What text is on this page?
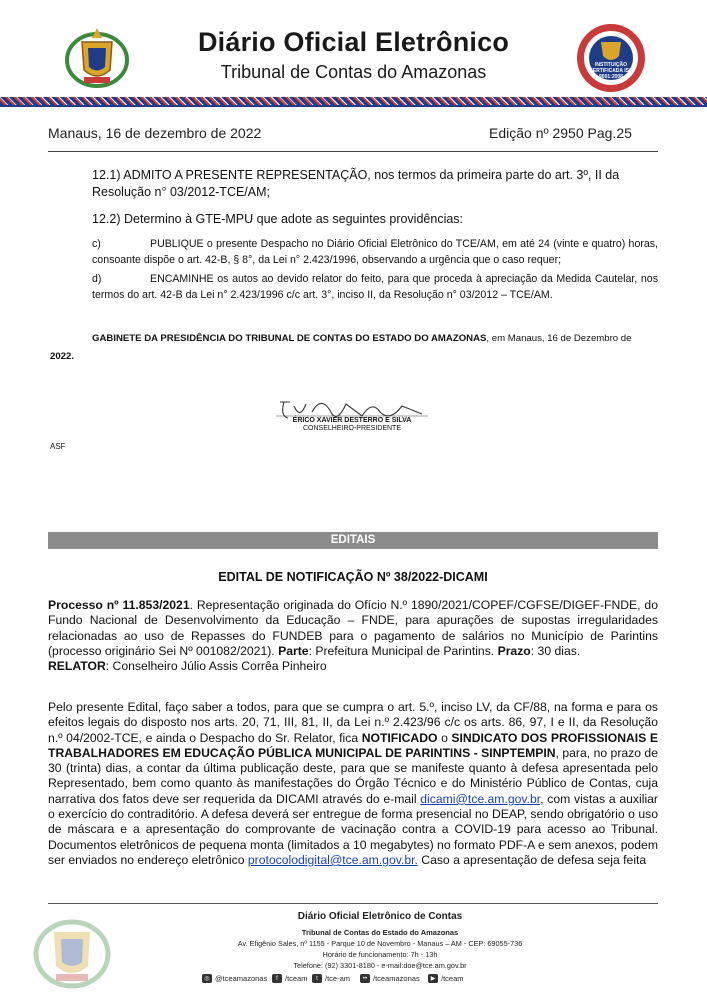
Diário Oficial Eletrônico
Tribunal de Contas do Amazonas	INSTITUIÇÃO CERTIFICADA ISO 9001:2008
Manaus, 16 de dezembro de 2022	Edição nº 2950 Pag.25
12.1) ADMITO A PRESENTE REPRESENTAÇÃO, nos termos da primeira parte do art. 3º, II da Resolução n° 03/2012-TCE/AM;
12.2) Determino à GTE-MPU que adote as seguintes providências:
c)	PUBLIQUE o presente Despacho no Diário Oficial Eletrônico do TCE/AM, em até 24 (vinte e quatro) horas, consoante dispõe o art. 42-B, § 8°, da Lei n° 2.423/1996, observando a urgência que o caso requer;
d)	ENCAMINHE os autos ao devido relator do feito, para que proceda à apreciação da Medida Cautelar, nos termos do art. 42-B da Lei n° 2.423/1996 c/c art. 3°, inciso II, da Resolução n° 03/2012 – TCE/AM.
GABINETE DA PRESIDÊNCIA DO TRIBUNAL DE CONTAS DO ESTADO DO AMAZONAS, em Manaus, 16 de Dezembro de
2022.
ÉRICO XAVIER DESTERRO E SILVA
CONSELHEIRO-PRESIDENTE
ASF
EDITAIS
EDITAL DE NOTIFICAÇÃO Nº 38/2022-DICAMI
Processo nº 11.853/2021. Representação originada do Ofício N.º 1890/2021/COPEF/CGFSE/DIGEF-FNDE, do Fundo Nacional de Desenvolvimento da Educação – FNDE, para apurações de supostas irregularidades relacionadas ao uso de Repasses do FUNDEB para o pagamento de salários no Município de Parintins (processo originário Sei Nº 001082/2021). Parte: Prefeitura Municipal de Parintins. Prazo: 30 dias.
RELATOR: Conselheiro Júlio Assis Corrêa Pinheiro
Pelo presente Edital, faço saber a todos, para que se cumpra o art. 5.º, inciso LV, da CF/88, na forma e para os efeitos legais do disposto nos arts. 20, 71, III, 81, II, da Lei n.º 2.423/96 c/c os arts. 86, 97, I e II, da Resolução n.º 04/2002-TCE, e ainda o Despacho do Sr. Relator, fica NOTIFICADO o SINDICATO DOS PROFISSIONAIS E TRABALHADORES EM EDUCAÇÃO PÚBLICA MUNICIPAL DE PARINTINS - SINPTEMPIN, para, no prazo de 30 (trinta) dias, a contar da última publicação deste, para que se manifeste quanto à defesa apresentada pelo Representado, bem como quanto às manifestações do Órgão Técnico e do Ministério Público de Contas, cuja narrativa dos fatos deve ser requerida da DICAMI através do e-mail dicami@tce.am.gov.br, com vistas a auxiliar o exercício do contraditório. A defesa deverá ser entregue de forma presencial no DEAP, sendo obrigatório o uso de máscara e a apresentação do comprovante de vacinação contra a COVID-19 para acesso ao Tribunal. Documentos eletrônicos de pequena monta (limitados a 10 megabytes) no formato PDF-A e sem anexos, podem ser enviados no endereço eletrônico protocolodigital@tce.am.gov.br. Caso a apresentação de defesa seja feita
Diário Oficial Eletrônico de Contas
Tribunal de Contas do Estado do Amazonas
Av. Efigênio Sales, nº 1155 - Parque 10 de Novembro - Manaus – AM - CEP: 69055-736
Horário de funcionamento: 7h - 13h
Telefone: (92) 3301-8180 - e-mail:doe@tce.am.gov.br
◎ @tceamazonas	f /tceam	t /tce-am	•• /tceamazonas	▶ /tceam
